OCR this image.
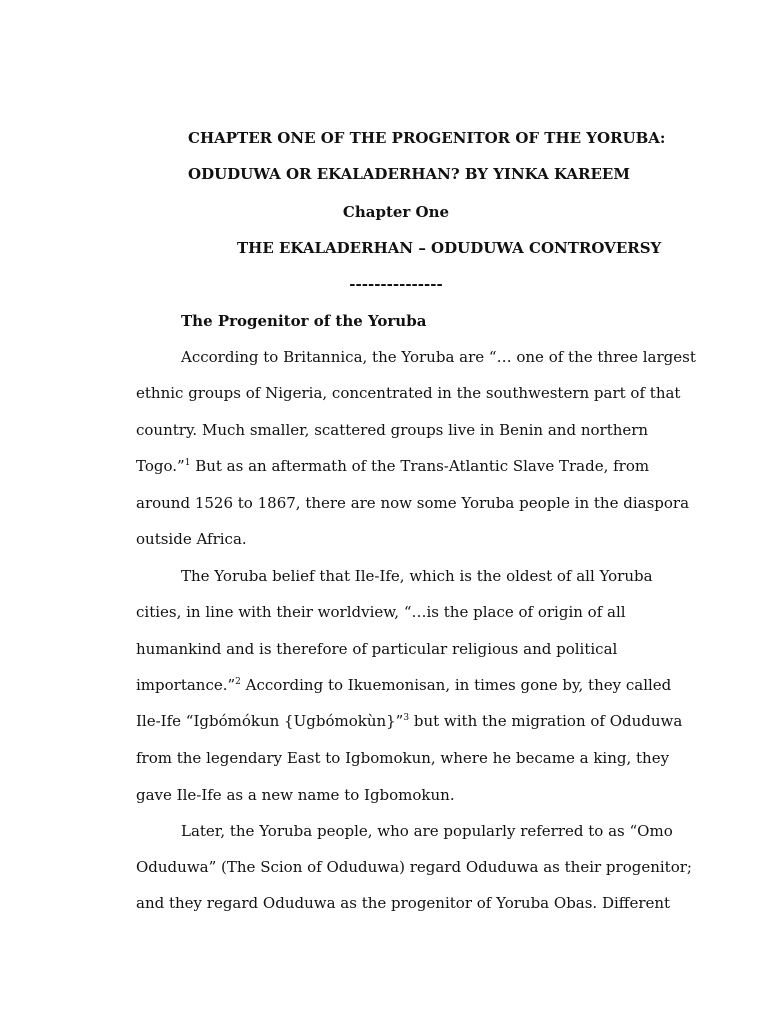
CHAPTER ONE OF THE PROGENITOR OF THE YORUBA:
ODUDUWA OR EKALADERHAN? BY YINKA KAREEM
Chapter One
THE EKALADERHAN – ODUDUWA CONTROVERSY
---------------
The Progenitor of the Yoruba
According to Britannica, the Yoruba are “… one of the three largest
ethnic groups of Nigeria, concentrated in the southwestern part of that
country. Much smaller, scattered groups live in Benin and northern
Togo.”$^1$ But as an aftermath of the Trans-Atlantic Slave Trade, from
around 1526 to 1867, there are now some Yoruba people in the diaspora
outside Africa.
The Yoruba belief that Ile-Ife, which is the oldest of all Yoruba
cities, in line with their worldview, “…is the place of origin of all
humankind and is therefore of particular religious and political
importance.”$^2$ According to Ikuemonisan, in times gone by, they called
Ile-Ife “Igbómókun {Ugbómokùn}”$^3$ but with the migration of Oduduwa
from the legendary East to Igbomokun, where he became a king, they
gave Ile-Ife as a new name to Igbomokun.
Later, the Yoruba people, who are popularly referred to as “Omo
Oduduwa” (The Scion of Oduduwa) regard Oduduwa as their progenitor;
and they regard Oduduwa as the progenitor of Yoruba Obas. Different
